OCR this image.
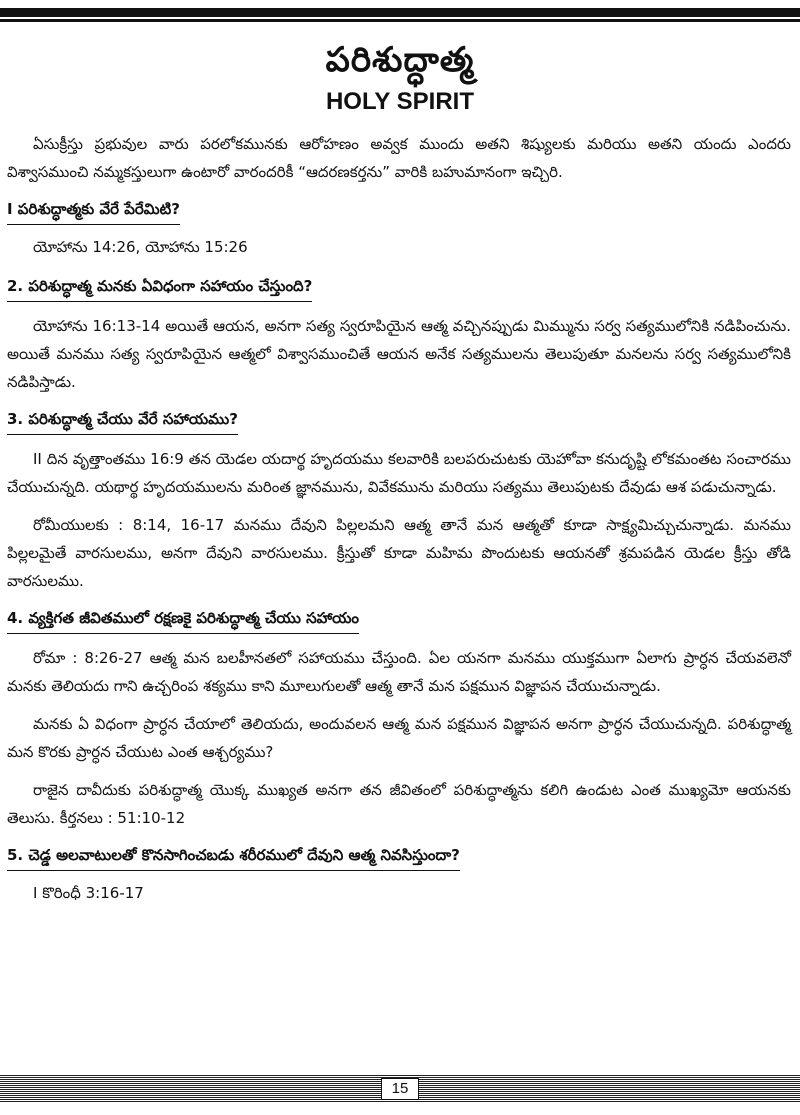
పరిశుద్ధాత్మ
HOLY SPIRIT

ఏసుక్రీస్తు ప్రభువుల వారు పరలోకమునకు ఆరోహణం అవ్వక ముందు అతని శిష్యులకు మరియు అతని యందు ఎందరు విశ్వాసముంచి నమ్మకస్తులుగా ఉంటారో వారందరికీ “ఆదరణకర్తను” వారికి బహుమానంగా ఇచ్చిరి.

I పరిశుద్ధాత్మకు వేరే పేరేమిటి?
యోహాను 14:26, యోహాను 15:26
2. పరిశుద్ధాత్మ మనకు ఏవిధంగా సహాయం చేస్తుంది?

యోహాను 16:13-14 అయితే ఆయన, అనగా సత్య స్వరూపియైన ఆత్మ వచ్చినప్పుడు మిమ్మును సర్వ సత్యములోనికి నడిపించును. అయితే మనము సత్య స్వరూపియైన ఆత్మలో విశ్వాసముంచితే ఆయన అనేక సత్యములను తెలుపుతూ మనలను సర్వ సత్యములోనికి నడిపిస్తాడు.

3. పరిశుద్ధాత్మ చేయు వేరే సహాయము?

II దిన వృత్తాంతము 16:9 తన యెడల యదార్థ హృదయము కలవారికి బలపరుచుటకు యెహోవా కనుదృష్టి లోకమంతట సంచారము చేయుచున్నది. యథార్థ హృదయములను మరింత జ్ఞానమును, వివేకమును మరియు సత్యము తెలుపుటకు దేవుడు ఆశ పడుచున్నాడు.

రోమీయులకు : 8:14, 16-17 మనము దేవుని పిల్లలమని ఆత్మ తానే మన ఆత్మతో కూడా సాక్ష్యమిచ్చుచున్నాడు. మనము పిల్లలమైతే వారసులము, అనగా దేవుని వారసులము. క్రీస్తుతో కూడా మహిమ పొందుటకు ఆయనతో శ్రమపడిన యెడల క్రీస్తు తోడి వారసులము.

4. వ్యక్తిగత జీవితములో రక్షణకై పరిశుద్ధాత్మ చేయు సహాయం

రోమా : 8:26-27 ఆత్మ మన బలహీనతలో సహాయము చేస్తుంది. ఏల యనగా మనము యుక్తముగా ఏలాగు ప్రార్ధన చేయవలెనో మనకు తెలియదు గాని ఉచ్చరింప శక్యము కాని మూలుగులతో ఆత్మ తానే మన పక్షమున విజ్ఞాపన చేయుచున్నాడు.

మనకు ఏ విధంగా ప్రార్ధన చేయాలో తెలియదు, అందువలన ఆత్మ మన పక్షమున విజ్ఞాపన అనగా ప్రార్ధన చేయుచున్నది. పరిశుద్ధాత్మ మన కొరకు ప్రార్ధన చేయుట ఎంత ఆశ్చర్యము?

రాజైన దావీదుకు పరిశుద్ధాత్మ యొక్క ముఖ్యత అనగా తన జీవితంలో పరిశుద్ధాత్మను కలిగి ఉండుట ఎంత ముఖ్యమో ఆయనకు తెలుసు. కీర్తనలు : 51:10-12

5. చెడ్డ అలవాటులతో కొనసాగించబడు శరీరములో దేవుని ఆత్మ నివసిస్తుందా?
I కొరింధీ 3:16-17
15
